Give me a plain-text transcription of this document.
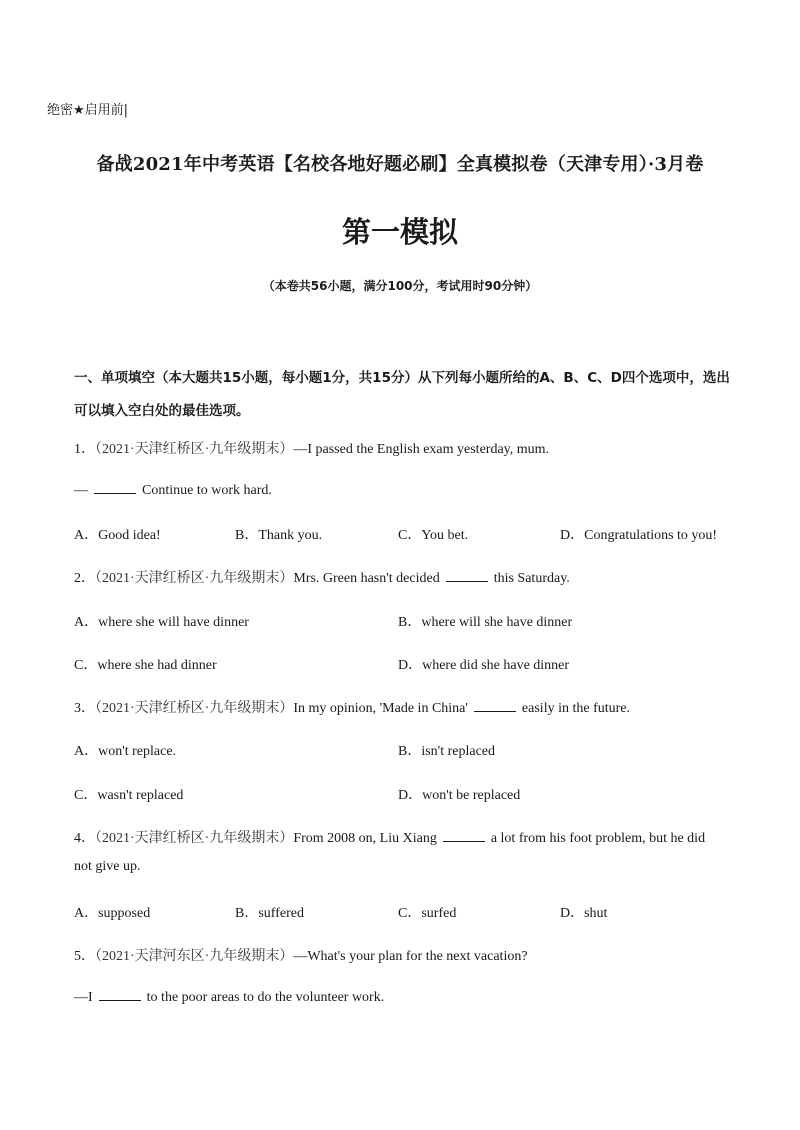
绝密★启用前|
备战2021年中考英语【名校各地好题必刷】全真模拟卷（天津专用）·3月卷
第一模拟
（本卷共56小题，满分100分，考试用时90分钟）
一、单项填空（本大题共15小题，每小题1分，共15分）从下列每小题所给的A、B、C、D四个选项中，选出可以填入空白处的最佳选项。
1．（2021·天津红桥区·九年级期末）—I passed the English exam yesterday, mum.
—	Continue to work hard.
A．Good idea!	B．Thank you.	C．You bet.	D．Congratulations to you!
2．（2021·天津红桥区·九年级期末）Mrs. Green hasn't decided	this Saturday.
A．where she will have dinner	B．where will she have dinner
C．where she had dinner	D．where did she have dinner
3．（2021·天津红桥区·九年级期末）In my opinion, 'Made in China'	easily in the future.
A．won't replace.	B．isn't replaced
C．wasn't replaced	D．won't be replaced
4．（2021·天津红桥区·九年级期末）From 2008 on, Liu Xiang	a lot from his foot problem, but he did
not give up.
A．supposed	B．suffered	C．surfed	D．shut
5．（2021·天津河东区·九年级期末）—What's your plan for the next vacation?
—I	to the poor areas to do the volunteer work.
